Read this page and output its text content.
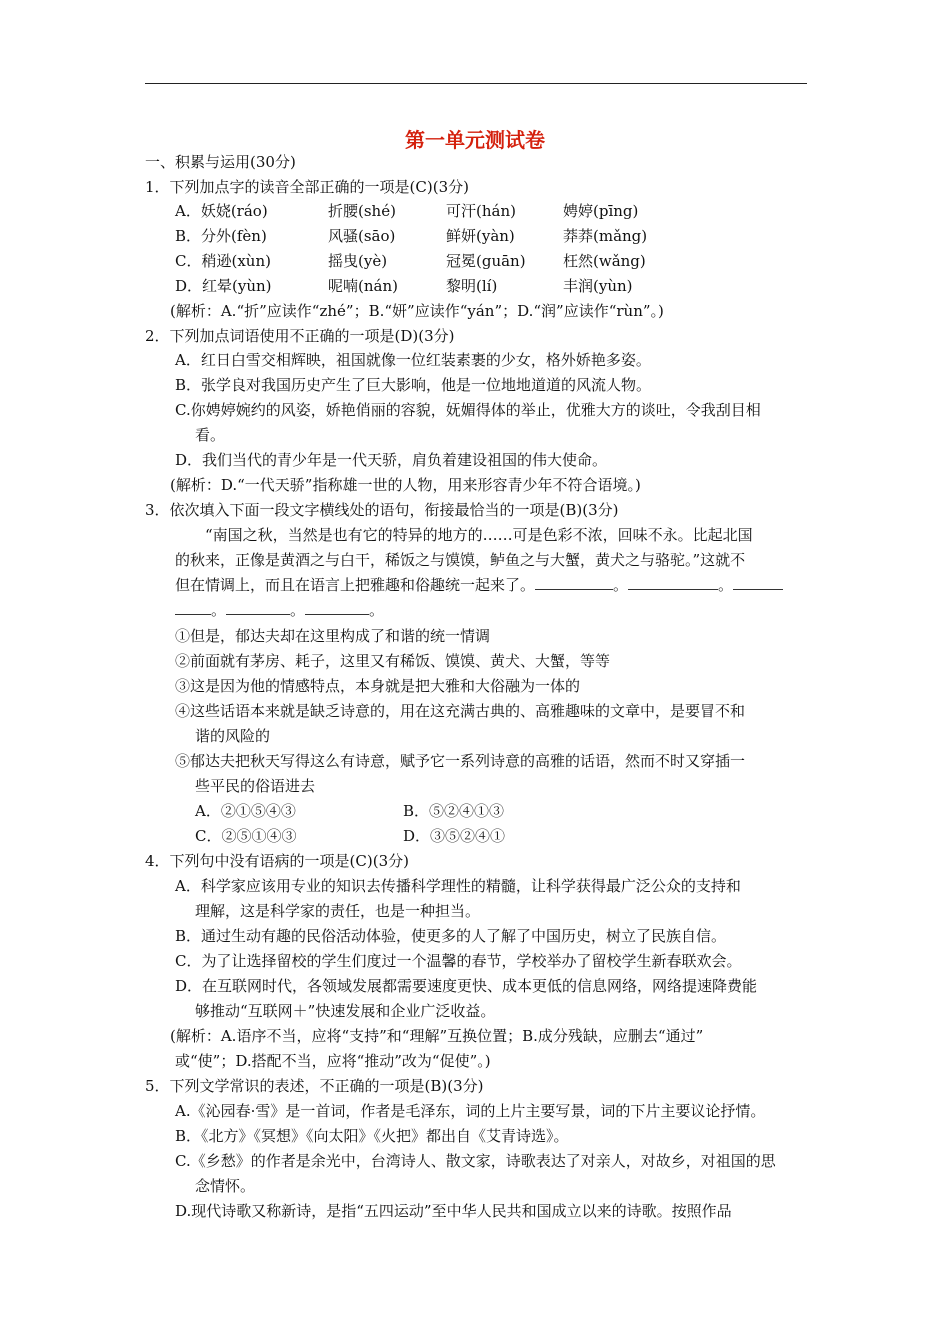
第一单元测试卷
一、积累与运用(30分)
1．下列加点字的读音全部正确的一项是(C)(3分)
A．妖娆(ráo)	折腰(shé)	可汗(hán)	娉婷(pīng)
B．分外(fèn)	风骚(sāo)	鲜妍(yàn)	莽莽(mǎng)
C．稍逊(xùn)	摇曳(yè)	冠冕(guān) 枉然(wǎng)
D．红晕(yùn)	呢喃(nán)	黎明(lí)	丰润(yùn)
(解析：A.“折”应读作“zhé”；B.“妍”应读作“yán”；D.“润”应读作“rùn”。)
2．下列加点词语使用不正确的一项是(D)(3分)
A．红日白雪交相辉映，祖国就像一位红装素裹的少女，格外娇艳多姿。
B．张学良对我国历史产生了巨大影响，他是一位地地道道的风流人物。
C.你娉婷婉约的风姿，娇艳俏丽的容貌，妩媚得体的举止，优雅大方的谈吐，令我刮目相
看。
D．我们当代的青少年是一代天骄，肩负着建设祖国的伟大使命。
(解析：D.“一代天骄”指称雄一世的人物，用来形容青少年不符合语境。)
3．依次填入下面一段文字横线处的语句，衔接最恰当的一项是(B)(3分)
“南国之秋，当然是也有它的特异的地方的……可是色彩不浓，回味不永。比起北国
的秋来，正像是黄酒之与白干，稀饭之与馍馍，鲈鱼之与大蟹，黄犬之与骆驼。”这就不
但在情调上，而且在语言上把雅趣和俗趣统一起来了。	。	。
。	。	。
①但是，郁达夫却在这里构成了和谐的统一情调
②前面就有茅房、耗子，这里又有稀饭、馍馍、黄犬、大蟹，等等
③这是因为他的情感特点，本身就是把大雅和大俗融为一体的
④这些话语本来就是缺乏诗意的，用在这充满古典的、高雅趣味的文章中，是要冒不和
谐的风险的
⑤郁达夫把秋天写得这么有诗意，赋予它一系列诗意的高雅的话语，然而不时又穿插一
些平民的俗语进去
A．②①⑤④③	B．⑤②④①③
C．②⑤①④③	D．③⑤②④①
4．下列句中没有语病的一项是(C)(3分)
A．科学家应该用专业的知识去传播科学理性的精髓，让科学获得最广泛公众的支持和
理解，这是科学家的责任，也是一种担当。
B．通过生动有趣的民俗活动体验，使更多的人了解了中国历史，树立了民族自信。
C．为了让选择留校的学生们度过一个温馨的春节，学校举办了留校学生新春联欢会。
D．在互联网时代，各领域发展都需要速度更快、成本更低的信息网络，网络提速降费能
够推动“互联网＋”快速发展和企业广泛收益。
(解析：A.语序不当，应将“支持”和“理解”互换位置；B.成分残缺，应删去“通过”
或“使”；D.搭配不当，应将“推动”改为“促使”。)
5．下列文学常识的表述，不正确的一项是(B)(3分)
A.《沁园春·雪》是一首词，作者是毛泽东，词的上片主要写景，词的下片主要议论抒情。
B．《北方》《冥想》《向太阳》《火把》都出自《艾青诗选》。
C.《乡愁》的作者是余光中，台湾诗人、散文家，诗歌表达了对亲人，对故乡，对祖国的思
念情怀。
D.现代诗歌又称新诗，是指“五四运动”至中华人民共和国成立以来的诗歌。按照作品
